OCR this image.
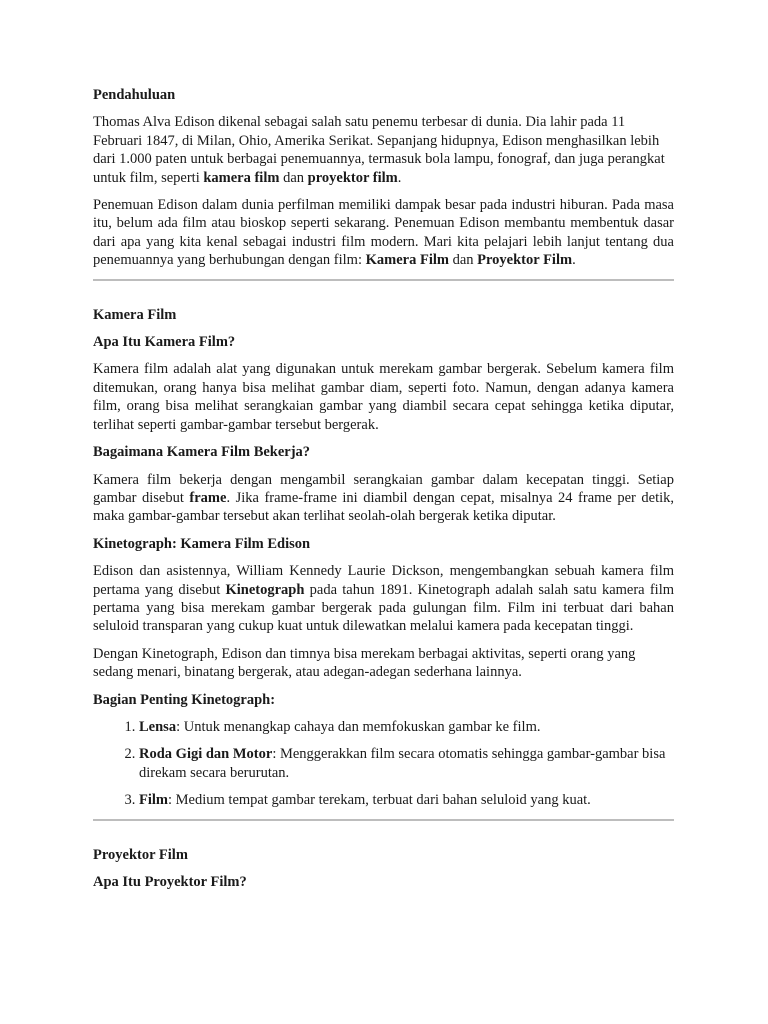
Pendahuluan

Thomas Alva Edison dikenal sebagai salah satu penemu terbesar di dunia. Dia lahir pada 11 Februari 1847, di Milan, Ohio, Amerika Serikat. Sepanjang hidupnya, Edison menghasilkan lebih dari 1.000 paten untuk berbagai penemuannya, termasuk bola lampu, fonograf, dan juga perangkat untuk film, seperti kamera film dan proyektor film.

Penemuan Edison dalam dunia perfilman memiliki dampak besar pada industri hiburan. Pada masa itu, belum ada film atau bioskop seperti sekarang. Penemuan Edison membantu membentuk dasar dari apa yang kita kenal sebagai industri film modern. Mari kita pelajari lebih lanjut tentang dua penemuannya yang berhubungan dengan film: Kamera Film dan Proyektor Film.

Kamera Film
Apa Itu Kamera Film?

Kamera film adalah alat yang digunakan untuk merekam gambar bergerak. Sebelum kamera film ditemukan, orang hanya bisa melihat gambar diam, seperti foto. Namun, dengan adanya kamera film, orang bisa melihat serangkaian gambar yang diambil secara cepat sehingga ketika diputar, terlihat seperti gambar-gambar tersebut bergerak.

Bagaimana Kamera Film Bekerja?

Kamera film bekerja dengan mengambil serangkaian gambar dalam kecepatan tinggi. Setiap gambar disebut frame. Jika frame-frame ini diambil dengan cepat, misalnya 24 frame per detik, maka gambar-gambar tersebut akan terlihat seolah-olah bergerak ketika diputar.

Kinetograph: Kamera Film Edison

Edison dan asistennya, William Kennedy Laurie Dickson, mengembangkan sebuah kamera film pertama yang disebut Kinetograph pada tahun 1891. Kinetograph adalah salah satu kamera film pertama yang bisa merekam gambar bergerak pada gulungan film. Film ini terbuat dari bahan seluloid transparan yang cukup kuat untuk dilewatkan melalui kamera pada kecepatan tinggi.

Dengan Kinetograph, Edison dan timnya bisa merekam berbagai aktivitas, seperti orang yang sedang menari, binatang bergerak, atau adegan-adegan sederhana lainnya.

Bagian Penting Kinetograph:
1. Lensa: Untuk menangkap cahaya dan memfokuskan gambar ke film.
2. Roda Gigi dan Motor: Menggerakkan film secara otomatis sehingga gambar-gambar bisa direkam secara berurutan.
3. Film: Medium tempat gambar terekam, terbuat dari bahan seluloid yang kuat.
Proyektor Film
Apa Itu Proyektor Film?
